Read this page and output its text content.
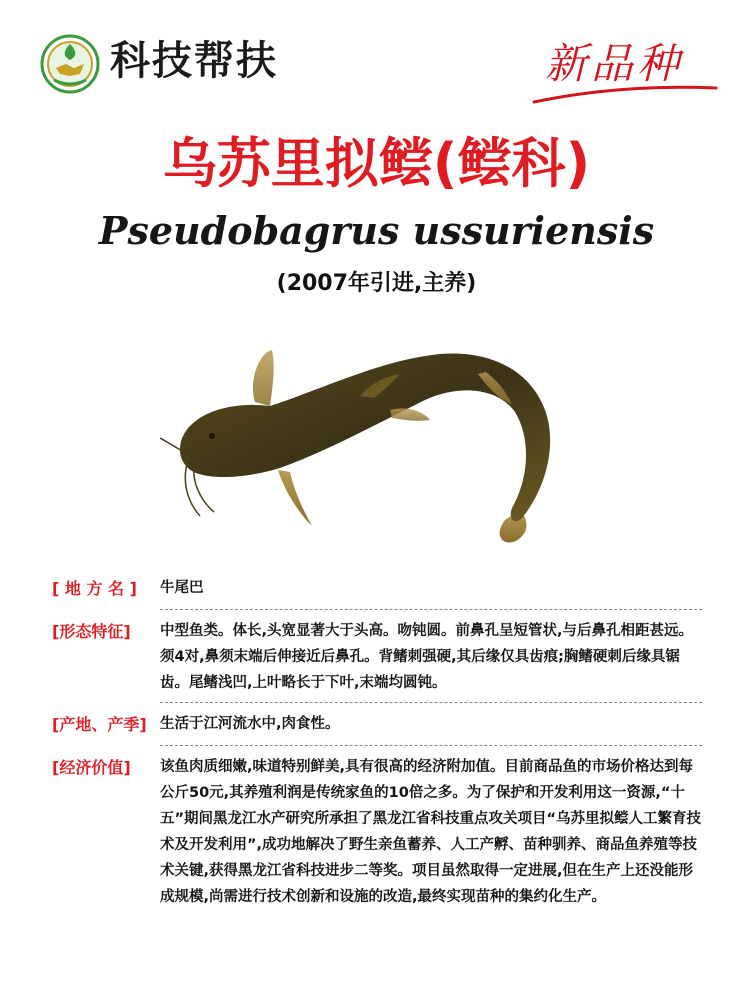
科技帮扶	新品种
乌苏里拟鲿(鲿科)
Pseudobagrus ussuriensis
(2007年引进,主养)
[ 地 方 名 ]	牛尾巴
[形态特征]	中型鱼类。体长,头宽显著大于头高。吻钝圆。前鼻孔呈短管状,与后鼻孔相距甚远。须4对,鼻须末端后伸接近后鼻孔。背鳍刺强硬,其后缘仅具齿痕;胸鳍硬刺后缘具锯齿。尾鳍浅凹,上叶略长于下叶,末端均圆钝。
[产地、产季] 生活于江河流水中,肉食性。
[经济价值]	该鱼肉质细嫩,味道特别鲜美,具有很高的经济附加值。目前商品鱼的市场价格达到每公斤50元,其养殖利润是传统家鱼的10倍之多。为了保护和开发利用这一资源,“十五”期间黑龙江水产研究所承担了黑龙江省科技重点攻关项目“乌苏里拟鲿人工繁育技术及开发利用”,成功地解决了野生亲鱼蓄养、人工产孵、苗种驯养、商品鱼养殖等技术关键,获得黑龙江省科技进步二等奖。项目虽然取得一定进展,但在生产上还没能形成规模,尚需进行技术创新和设施的改造,最终实现苗种的集约化生产。
